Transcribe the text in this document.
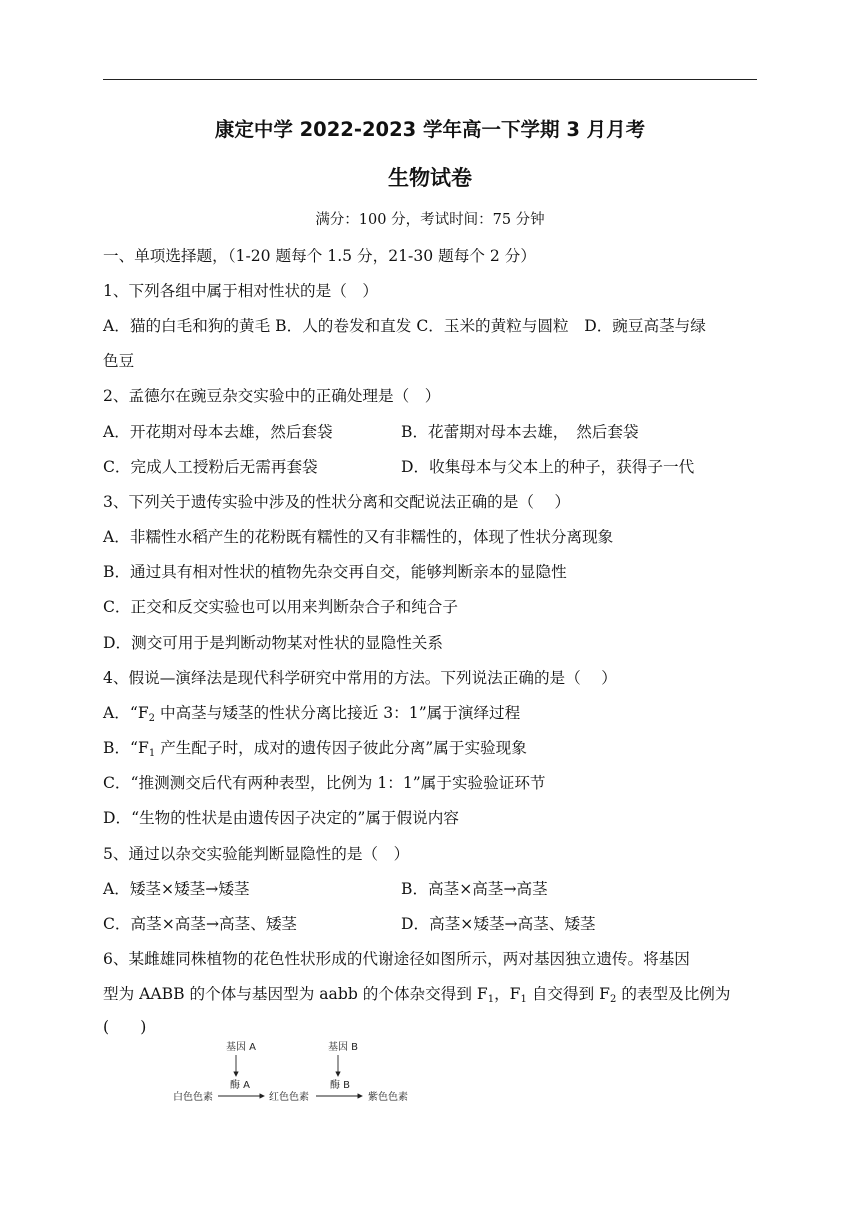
康定中学 2022-2023 学年高一下学期 3 月月考
生物试卷
满分：100 分，考试时间：75 分钟
一、单项选择题，（1-20 题每个 1.5 分，21-30 题每个 2 分）
1、下列各组中属于相对性状的是（　）
A．猫的白毛和狗的黄毛 B．人的卷发和直发 C．玉米的黄粒与圆粒　D．豌豆高茎与绿
色豆
2、孟德尔在豌豆杂交实验中的正确处理是（　）
A．开花期对母本去雄，然后套袋	B．花蕾期对母本去雄，　然后套袋
C．完成人工授粉后无需再套袋	D．收集母本与父本上的种子，获得子一代
3、下列关于遗传实验中涉及的性状分离和交配说法正确的是（　 ）
A．非糯性水稻产生的花粉既有糯性的又有非糯性的，体现了性状分离现象
B．通过具有相对性状的植物先杂交再自交，能够判断亲本的显隐性
C．正交和反交实验也可以用来判断杂合子和纯合子
D．测交可用于是判断动物某对性状的显隐性关系
4、假说—演绎法是现代科学研究中常用的方法。下列说法正确的是（　 ）
A．“$F_2$ 中高茎与矮茎的性状分离比接近 3：1”属于演绎过程
B．“$F_1$ 产生配子时，成对的遗传因子彼此分离”属于实验现象
C．“推测测交后代有两种表型，比例为 1：1”属于实验验证环节
D．“生物的性状是由遗传因子决定的”属于假说内容
5、通过以杂交实验能判断显隐性的是（　）
A．矮茎×矮茎→矮茎	B．高茎×高茎→高茎
C．高茎×高茎→高茎、矮茎	D．高茎×矮茎→高茎、矮茎
6、某雌雄同株植物的花色性状形成的代谢途径如图所示，两对基因独立遗传。将基因
型为 AABB 的个体与基因型为 aabb 的个体杂交得到 $F_1$，$F_1$ 自交得到 $F_2$ 的表型及比例为
(　　)
基因 A	基因 B
酶 A	酶 B
白色色素	红色色素	紫色色素
